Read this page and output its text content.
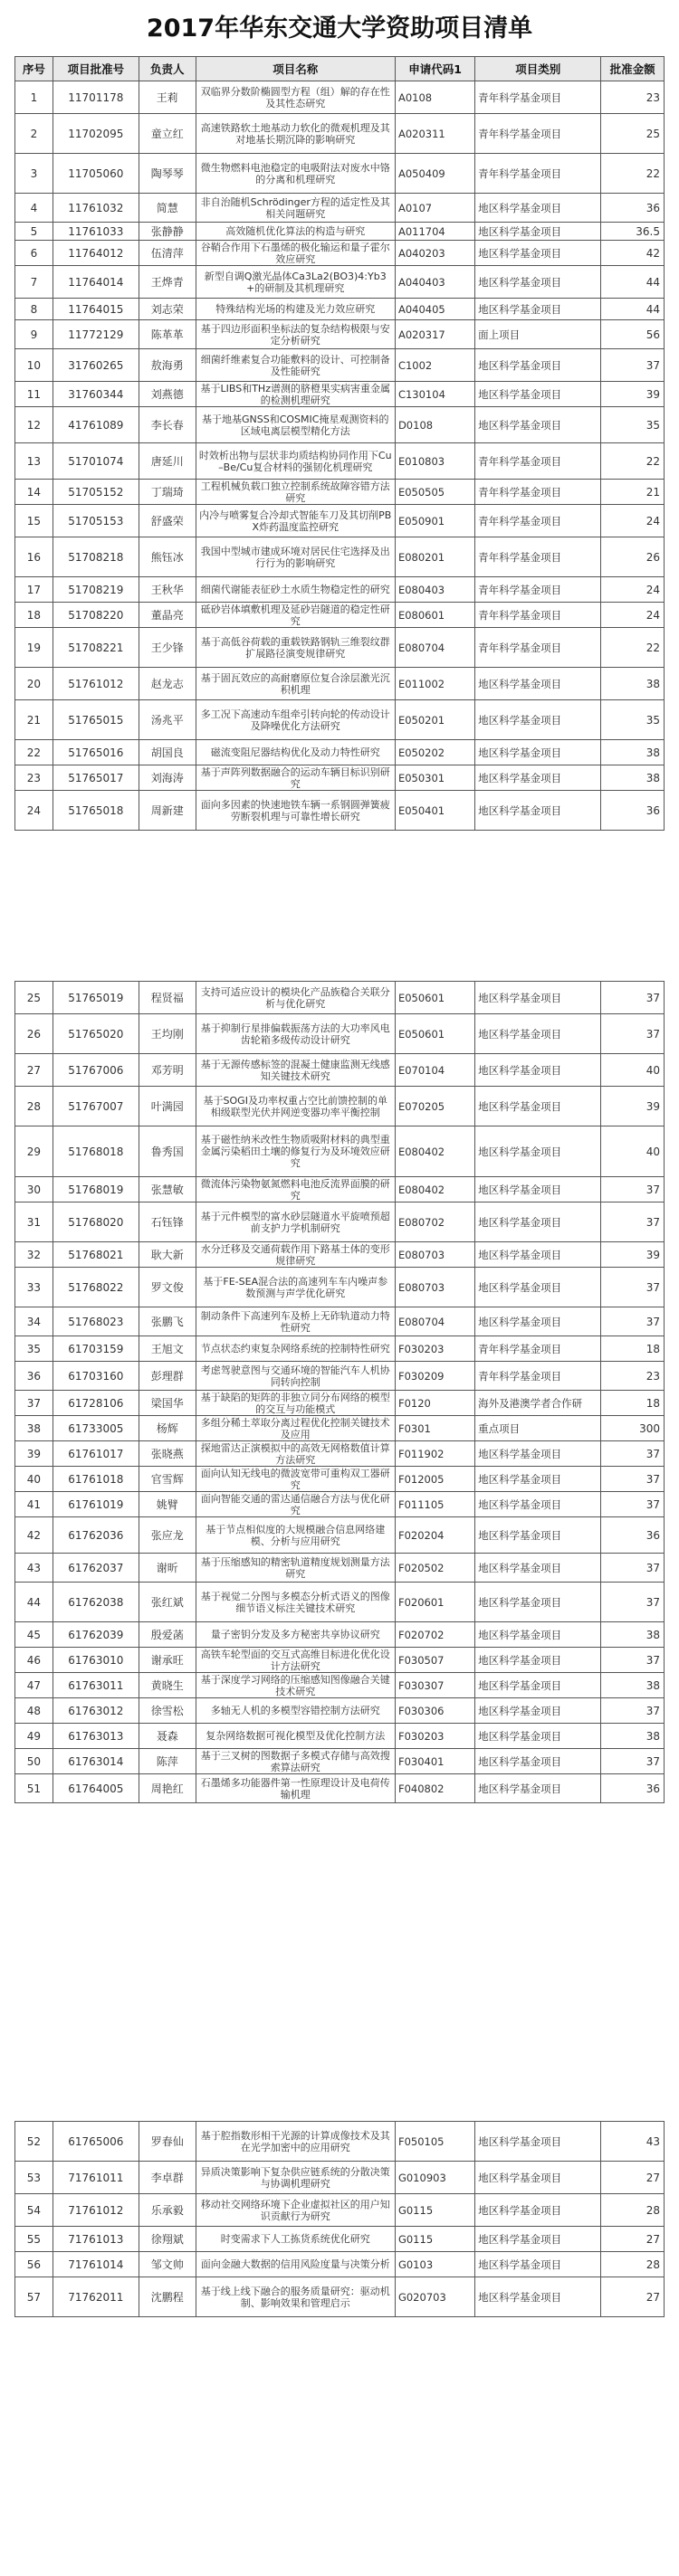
2017年华东交通大学资助项目清单
序号	项目批准号	负责人	项目名称	申请代码1	项目类别	批准金额
1	11701178	王莉	双临界分数阶椭圆型方程（组）解的存在性及其性态研究	A0108	青年科学基金项目	23
2	11702095	童立红	高速铁路软土地基动力软化的微观机理及其对地基长期沉降的影响研究	A020311	青年科学基金项目	25
3	11705060	陶琴琴	微生物燃料电池稳定的电吸附法对废水中铬的分离和机理研究	A050409	青年科学基金项目	22
4	11761032	简慧	非自治随机Schrödinger方程的适定性及其相关问题研究	A0107	地区科学基金项目	36
5	11761033	张静静	高效随机优化算法的构造与研究	A011704	地区科学基金项目	36.5
6	11764012	伍清萍	谷鞘合作用下石墨烯的极化输运和量子霍尔效应研究	A040203	地区科学基金项目	42
7	11764014	王烨青	新型自调Q激光晶体Ca3La2(BO3)4:Yb3+的研制及其机理研究	A040403	地区科学基金项目	44
8	11764015	刘志荣	特殊结构光场的构建及光力效应研究	A040405	地区科学基金项目	44
9	11772129	陈革革	基于四边形面积坐标法的复杂结构极限与安定分析研究	A020317	面上项目	56
10	31760265	敖海勇	细菌纤维素复合功能敷料的设计、可控制备及性能研究	C1002	地区科学基金项目	37
11	31760344	刘燕德	基于LIBS和THz谱测的脐橙果实病害重金属的检测机理研究	C130104	地区科学基金项目	39
12	41761089	李长春	基于地基GNSS和COSMIC掩星观测资料的区域电离层模型精化方法	D0108	地区科学基金项目	35
13	51701074	唐延川	时效析出物与层状非均质结构协同作用下Cu–Be/Cu复合材料的强韧化机理研究	E010803	青年科学基金项目	22
14	51705152	丁瑞琦	工程机械负载口独立控制系统故障容错方法研究	E050505	青年科学基金项目	21
15	51705153	舒盛荣	内冷与喷雾复合冷却式智能车刀及其切削PBX炸药温度监控研究	E050901	青年科学基金项目	24
16	51708218	熊钰冰	我国中型城市建成环境对居民住宅选择及出行行为的影响研究	E080201	青年科学基金项目	26
17	51708219	王秋华	细菌代谢能表征砂土水质生物稳定性的研究	E080403	青年科学基金项目	24
18	51708220	董晶亮	砥砂岩体填敷机理及延砂岩隧道的稳定性研究	E080601	青年科学基金项目	24
19	51708221	王少锋	基于高低谷荷载的重载铁路钢轨三维裂纹群扩展路径演变规律研究	E080704	青年科学基金项目	22
20	51761012	赵龙志	基于固瓦效应的高耐磨原位复合涂层激光沉积机理	E011002	地区科学基金项目	38
21	51765015	汤兆平	多工况下高速动车组牵引转向轮的传动设计及降噪优化方法研究	E050201	地区科学基金项目	35
22	51765016	胡国良	磁流变阻尼器结构优化及动力特性研究	E050202	地区科学基金项目	38
23	51765017	刘海涛	基于声阵列数据融合的运动车辆目标识别研究	E050301	地区科学基金项目	38
24	51765018	周新建	面向多因素的快速地铁车辆一系钢圆弹簧疲劳断裂机理与可靠性增长研究	E050401	地区科学基金项目	36
25	51765019	程贤福	支持可适应设计的模块化产品族稳合关联分析与优化研究	E050601	地区科学基金项目	37
26	51765020	王均刚	基于抑制行星排偏载振荡方法的大功率风电齿轮箱多级传动设计研究	E050601	地区科学基金项目	37
27	51767006	邓芳明	基于无源传感标签的混凝土健康监测无线感知关键技术研究	E070104	地区科学基金项目	40
28	51767007	叶满园	基于SOGI及功率权重占空比前馈控制的单相级联型光伏并网逆变器功率平衡控制	E070205	地区科学基金项目	39
29	51768018	鲁秀国	基于磁性纳米改性生物质吸附材料的典型重金属污染稻田土壤的修复行为及环境效应研究	E080402	地区科学基金项目	40
30	51768019	张慧敏	微流体污染物氨氮燃料电池反流界面膜的研究	E080402	地区科学基金项目	37
31	51768020	石钰锋	基于元件模型的富水砂层隧道水平旋喷预超前支护力学机制研究	E080702	地区科学基金项目	37
32	51768021	耿大新	水分迁移及交通荷载作用下路基土体的变形规律研究	E080703	地区科学基金项目	39
33	51768022	罗文俊	基于FE-SEA混合法的高速列车车内噪声参数预测与声学优化研究	E080703	地区科学基金项目	37
34	51768023	张鹏飞	制动条件下高速列车及桥上无砟轨道动力特性研究	E080704	地区科学基金项目	37
35	61703159	王旭文	节点状态约束复杂网络系统的控制特性研究	F030203	青年科学基金项目	18
36	61703160	彭理群	考虑驾驶意图与交通环境的智能汽车人机协同转向控制	F030209	青年科学基金项目	23
37	61728106	梁国华	基于缺陷的矩阵的非独立同分布网络的模型的交互与功能模式	F0120	海外及港澳学者合作研	18
38	61733005	杨辉	多组分稀土萃取分离过程优化控制关键技术及应用	F0301	重点项目	300
39	61761017	张晓燕	探地雷达正演模拟中的高效无网格数值计算方法研究	F011902	地区科学基金项目	37
40	61761018	官雪辉	面向认知无线电的微波宽带可重构双工器研究	F012005	地区科学基金项目	37
41	61761019	姚臂	面向智能交通的雷达通信融合方法与优化研究	F011105	地区科学基金项目	37
42	61762036	张应龙	基于节点相似度的大规模融合信息网络建模、分析与应用研究	F020204	地区科学基金项目	36
43	61762037	谢昕	基于压缩感知的精密轨道精度规划测量方法研究	F020502	地区科学基金项目	37
44	61762038	张红斌	基于视觉二分图与多模态分析式语义的图像细节语义标注关键技术研究	F020601	地区科学基金项目	37
45	61762039	殷爱菡	量子密钥分发及多方秘密共享协议研究	F020702	地区科学基金项目	38
46	61763010	谢承旺	高铁车轮型面的交互式高维目标进化优化设计方法研究	F030507	地区科学基金项目	37
47	61763011	黄晓生	基于深度学习网络的压缩感知图像融合关键技术研究	F030307	地区科学基金项目	38
48	61763012	徐雪松	多轴无人机的多模型容错控制方法研究	F030306	地区科学基金项目	37
49	61763013	聂森	复杂网络数据可视化模型及优化控制方法	F030203	地区科学基金项目	38
50	61763014	陈萍	基于三叉树的图数据子多模式存储与高效搜索算法研究	F030401	地区科学基金项目	37
51	61764005	周艳红	石墨烯多功能器件第一性原理设计及电荷传输机理	F040802	地区科学基金项目	36
52	61765006	罗春仙	基于腔指数形相干光源的计算成像技术及其在光学加密中的应用研究	F050105	地区科学基金项目	43
53	71761011	李卓群	异质决策影响下复杂供应链系统的分散决策与协调机理研究	G010903	地区科学基金项目	27
54	71761012	乐承毅	移动社交网络环境下企业虚拟社区的用户知识贡献行为研究	G0115	地区科学基金项目	28
55	71761013	徐翔斌	时变需求下人工拣货系统优化研究	G0115	地区科学基金项目	27
56	71761014	邹文帅	面向金融大数据的信用风险度量与决策分析	G0103	地区科学基金项目	28
57	71762011	沈鹏程	基于线上线下融合的服务质量研究：驱动机制、影响效果和管理启示	G020703	地区科学基金项目	27
